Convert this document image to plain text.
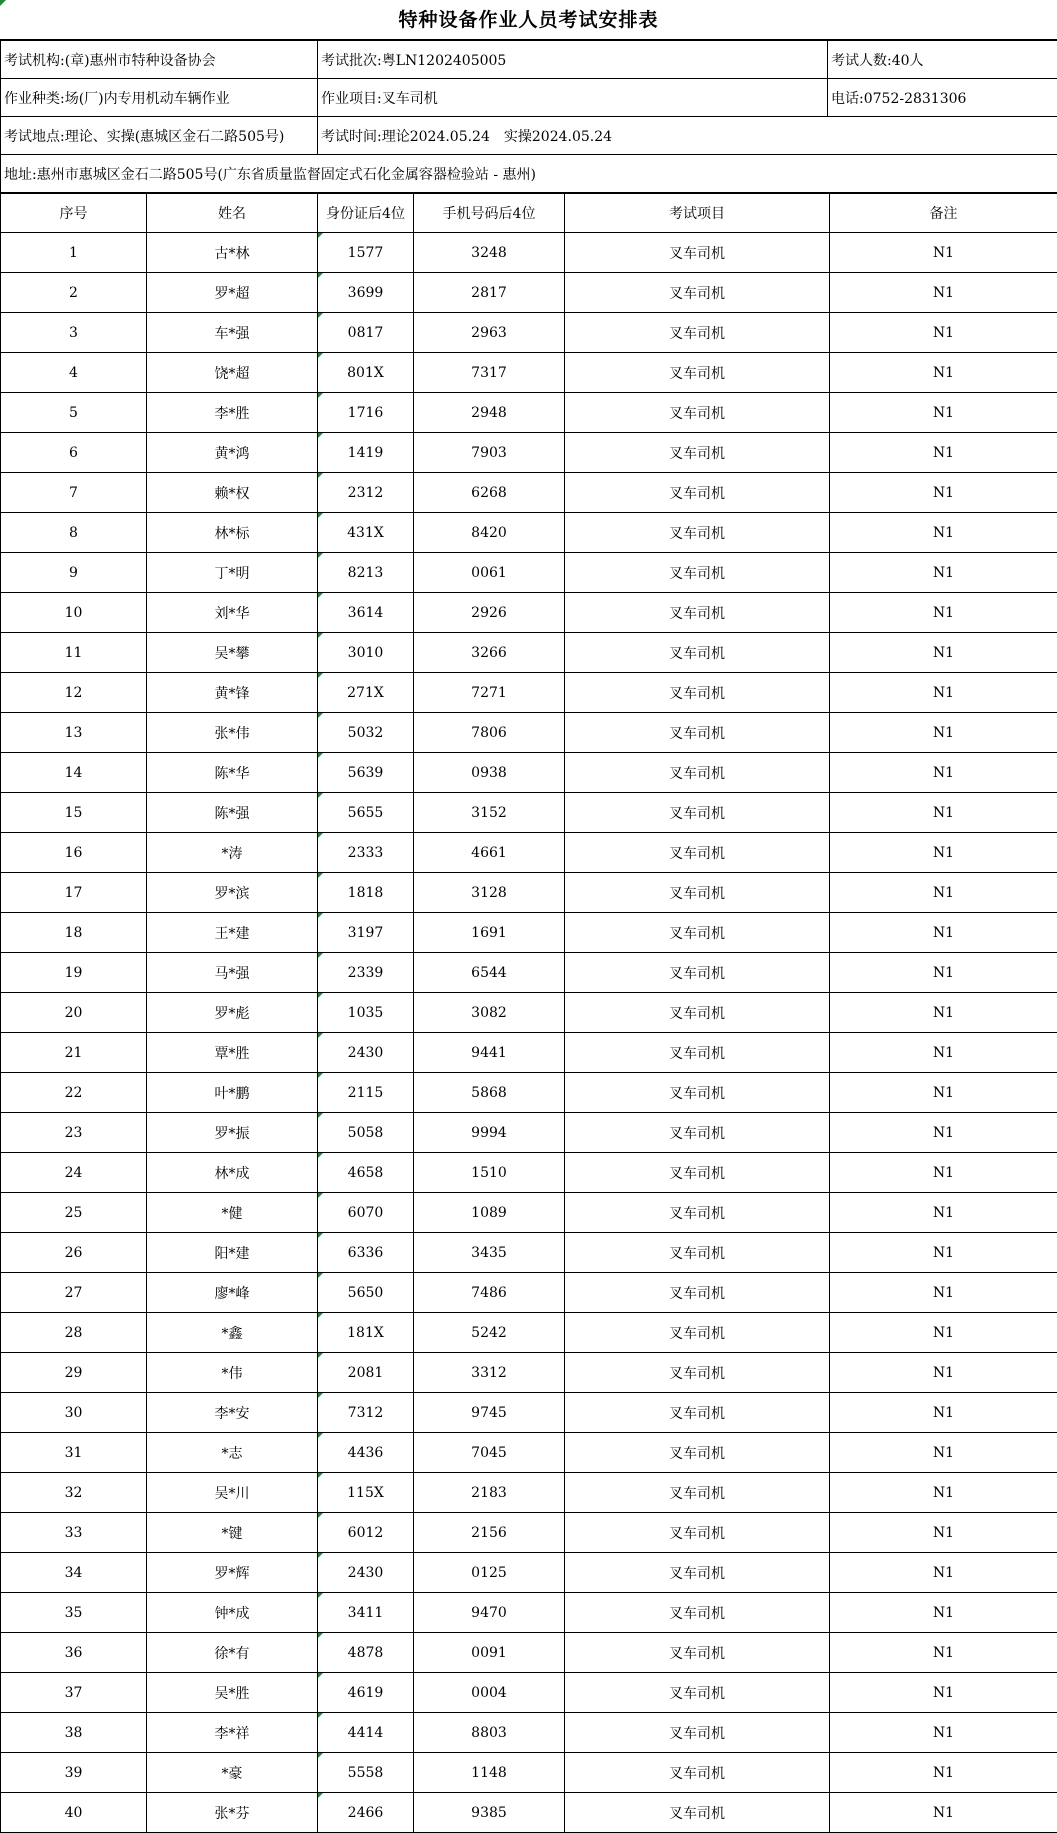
特种设备作业人员考试安排表
考试机构:(章)惠州市特种设备协会	考试批次:粤LN1202405005	考试人数:40人
作业种类:场(厂)内专用机动车辆作业	作业项目:叉车司机	电话:0752-2831306
考试地点:理论、实操(惠城区金石二路505号)	考试时间:理论2024.05.24　实操2024.05.24	
地址:惠州市惠城区金石二路505号(广东省质量监督固定式石化金属容器检验站 - 惠州)		
序号	姓名	身份证后4位	手机号码后4位	考试项目	备注
1	古*林	1577	3248	叉车司机	N1
2	罗*超	3699	2817	叉车司机	N1
3	车*强	0817	2963	叉车司机	N1
4	饶*超	801X	7317	叉车司机	N1
5	李*胜	1716	2948	叉车司机	N1
6	黄*鸿	1419	7903	叉车司机	N1
7	赖*权	2312	6268	叉车司机	N1
8	林*标	431X	8420	叉车司机	N1
9	丁*明	8213	0061	叉车司机	N1
10	刘*华	3614	2926	叉车司机	N1
11	吴*攀	3010	3266	叉车司机	N1
12	黄*锋	271X	7271	叉车司机	N1
13	张*伟	5032	7806	叉车司机	N1
14	陈*华	5639	0938	叉车司机	N1
15	陈*强	5655	3152	叉车司机	N1
16	*涛	2333	4661	叉车司机	N1
17	罗*滨	1818	3128	叉车司机	N1
18	王*建	3197	1691	叉车司机	N1
19	马*强	2339	6544	叉车司机	N1
20	罗*彪	1035	3082	叉车司机	N1
21	覃*胜	2430	9441	叉车司机	N1
22	叶*鹏	2115	5868	叉车司机	N1
23	罗*振	5058	9994	叉车司机	N1
24	林*成	4658	1510	叉车司机	N1
25	*健	6070	1089	叉车司机	N1
26	阳*建	6336	3435	叉车司机	N1
27	廖*峰	5650	7486	叉车司机	N1
28	*鑫	181X	5242	叉车司机	N1
29	*伟	2081	3312	叉车司机	N1
30	李*安	7312	9745	叉车司机	N1
31	*志	4436	7045	叉车司机	N1
32	吴*川	115X	2183	叉车司机	N1
33	*键	6012	2156	叉车司机	N1
34	罗*辉	2430	0125	叉车司机	N1
35	钟*成	3411	9470	叉车司机	N1
36	徐*有	4878	0091	叉车司机	N1
37	吴*胜	4619	0004	叉车司机	N1
38	李*祥	4414	8803	叉车司机	N1
39	*豪	5558	1148	叉车司机	N1
40	张*芬	2466	9385	叉车司机	N1
